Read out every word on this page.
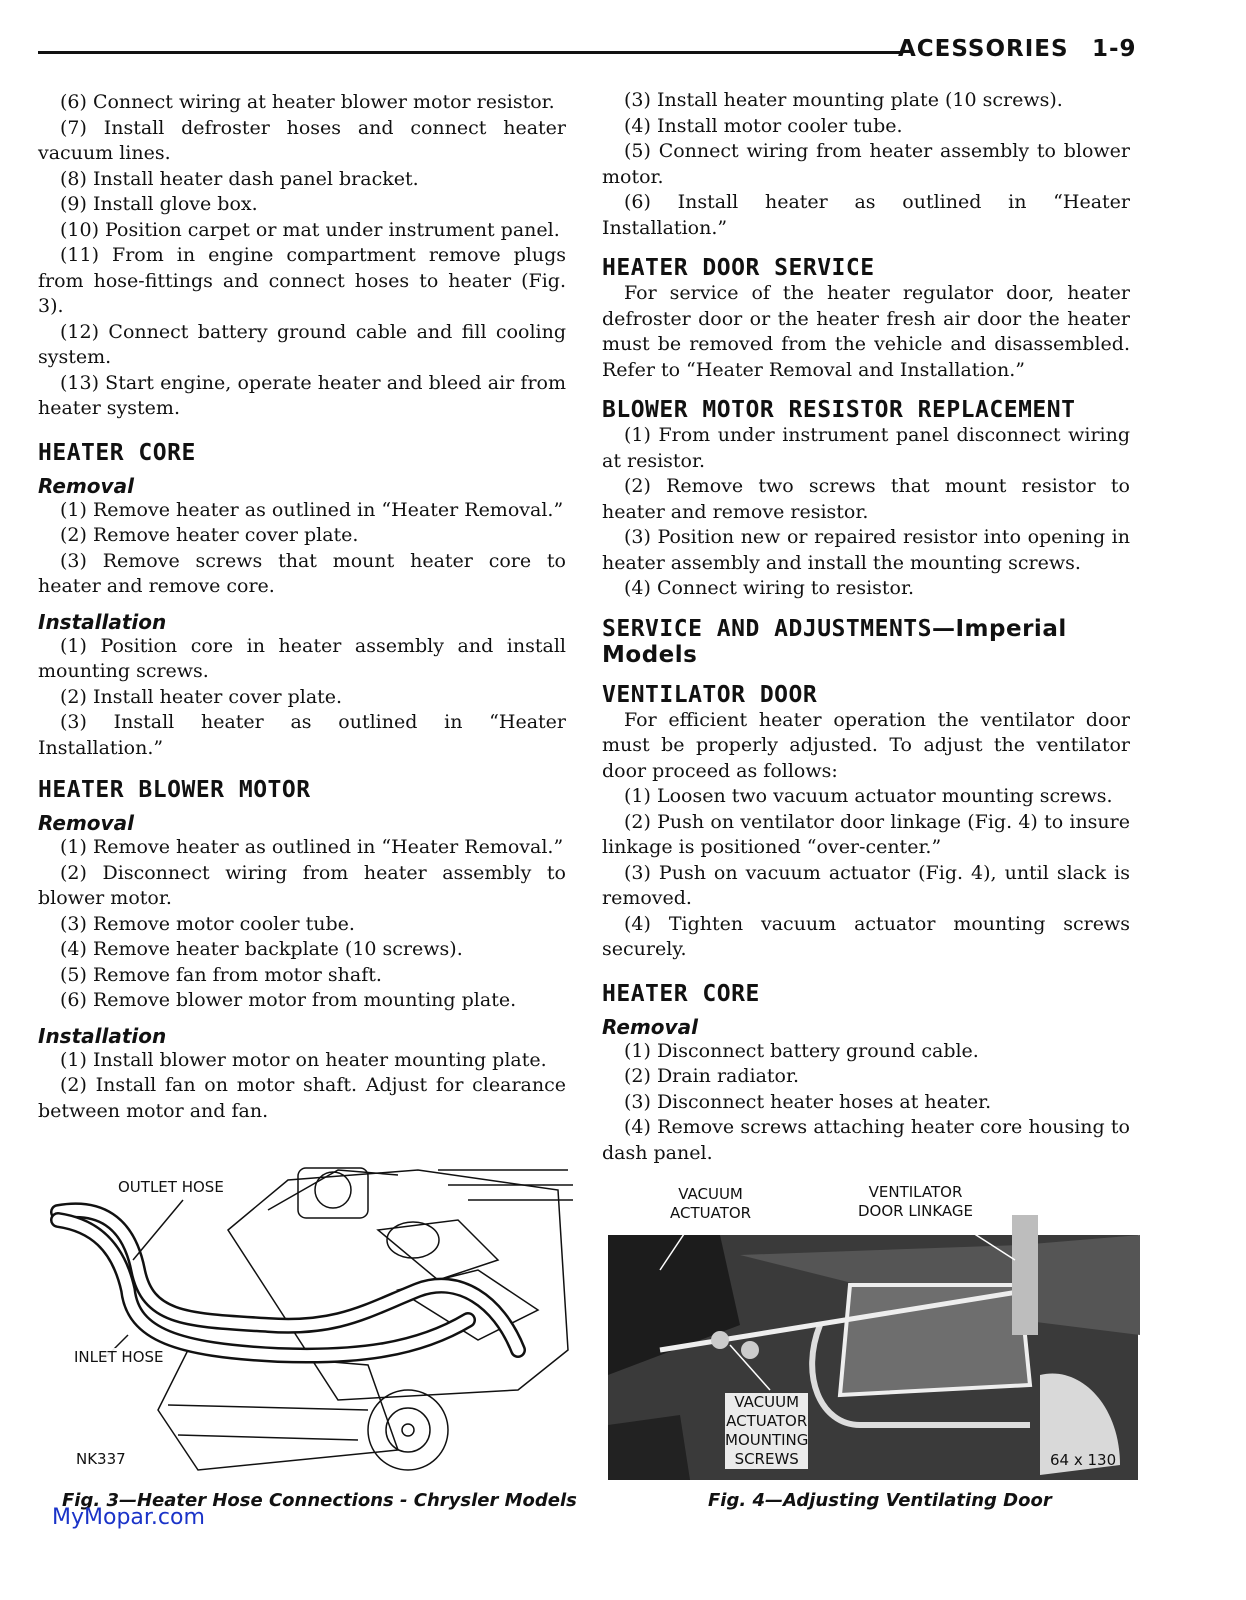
ACESSORIES 1-9

(6) Connect wiring at heater blower motor resistor.

(7) Install defroster hoses and connect heater vacuum lines.

(8) Install heater dash panel bracket.

(9) Install glove box.

(10) Position carpet or mat under instrument panel.

(11) From in engine compartment remove plugs from hose-fittings and connect hoses to heater (Fig. 3).

(12) Connect battery ground cable and fill cooling system.

(13) Start engine, operate heater and bleed air from heater system.

HEATER CORE
Removal

(1) Remove heater as outlined in “Heater Removal.”

(2) Remove heater cover plate.

(3) Remove screws that mount heater core to heater and remove core.

Installation

(1) Position core in heater assembly and install mounting screws.

(2) Install heater cover plate.

(3) Install heater as outlined in “Heater Installation.”

HEATER BLOWER MOTOR
Removal

(1) Remove heater as outlined in “Heater Removal.”

(2) Disconnect wiring from heater assembly to blower motor.

(3) Remove motor cooler tube.

(4) Remove heater backplate (10 screws).

(5) Remove fan from motor shaft.

(6) Remove blower motor from mounting plate.

Installation

(1) Install blower motor on heater mounting plate.

(2) Install fan on motor shaft. Adjust for clearance between motor and fan.

(3) Install heater mounting plate (10 screws).

(4) Install motor cooler tube.

(5) Connect wiring from heater assembly to blower motor.

(6) Install heater as outlined in “Heater Installation.”

HEATER DOOR SERVICE

For service of the heater regulator door, heater defroster door or the heater fresh air door the heater must be removed from the vehicle and disassembled. Refer to “Heater Removal and Installation.”

BLOWER MOTOR RESISTOR REPLACEMENT

(1) From under instrument panel disconnect wiring at resistor.

(2) Remove two screws that mount resistor to heater and remove resistor.

(3) Position new or repaired resistor into opening in heater assembly and install the mounting screws.

(4) Connect wiring to resistor.

SERVICE AND ADJUSTMENTS—Imperial Models
VENTILATOR DOOR

For efficient heater operation the ventilator door must be properly adjusted. To adjust the ventilator door proceed as follows:

(1) Loosen two vacuum actuator mounting screws.

(2) Push on ventilator door linkage (Fig. 4) to insure linkage is positioned “over-center.”

(3) Push on vacuum actuator (Fig. 4), until slack is removed.

(4) Tighten vacuum actuator mounting screws securely.

HEATER CORE
Removal

(1) Disconnect battery ground cable.

(2) Drain radiator.

(3) Disconnect heater hoses at heater.

(4) Remove screws attaching heater core housing to dash panel.

OUTLET HOSE
INLET HOSE
NK337
Fig. 3—Heater Hose Connections - Chrysler Models
VACUUM
ACTUATOR
VENTILATOR
DOOR LINKAGE
VACUUM
ACTUATOR
MOUNTING
SCREWS	64 x 130
Fig. 4—Adjusting Ventilating Door
MyMopar.com
